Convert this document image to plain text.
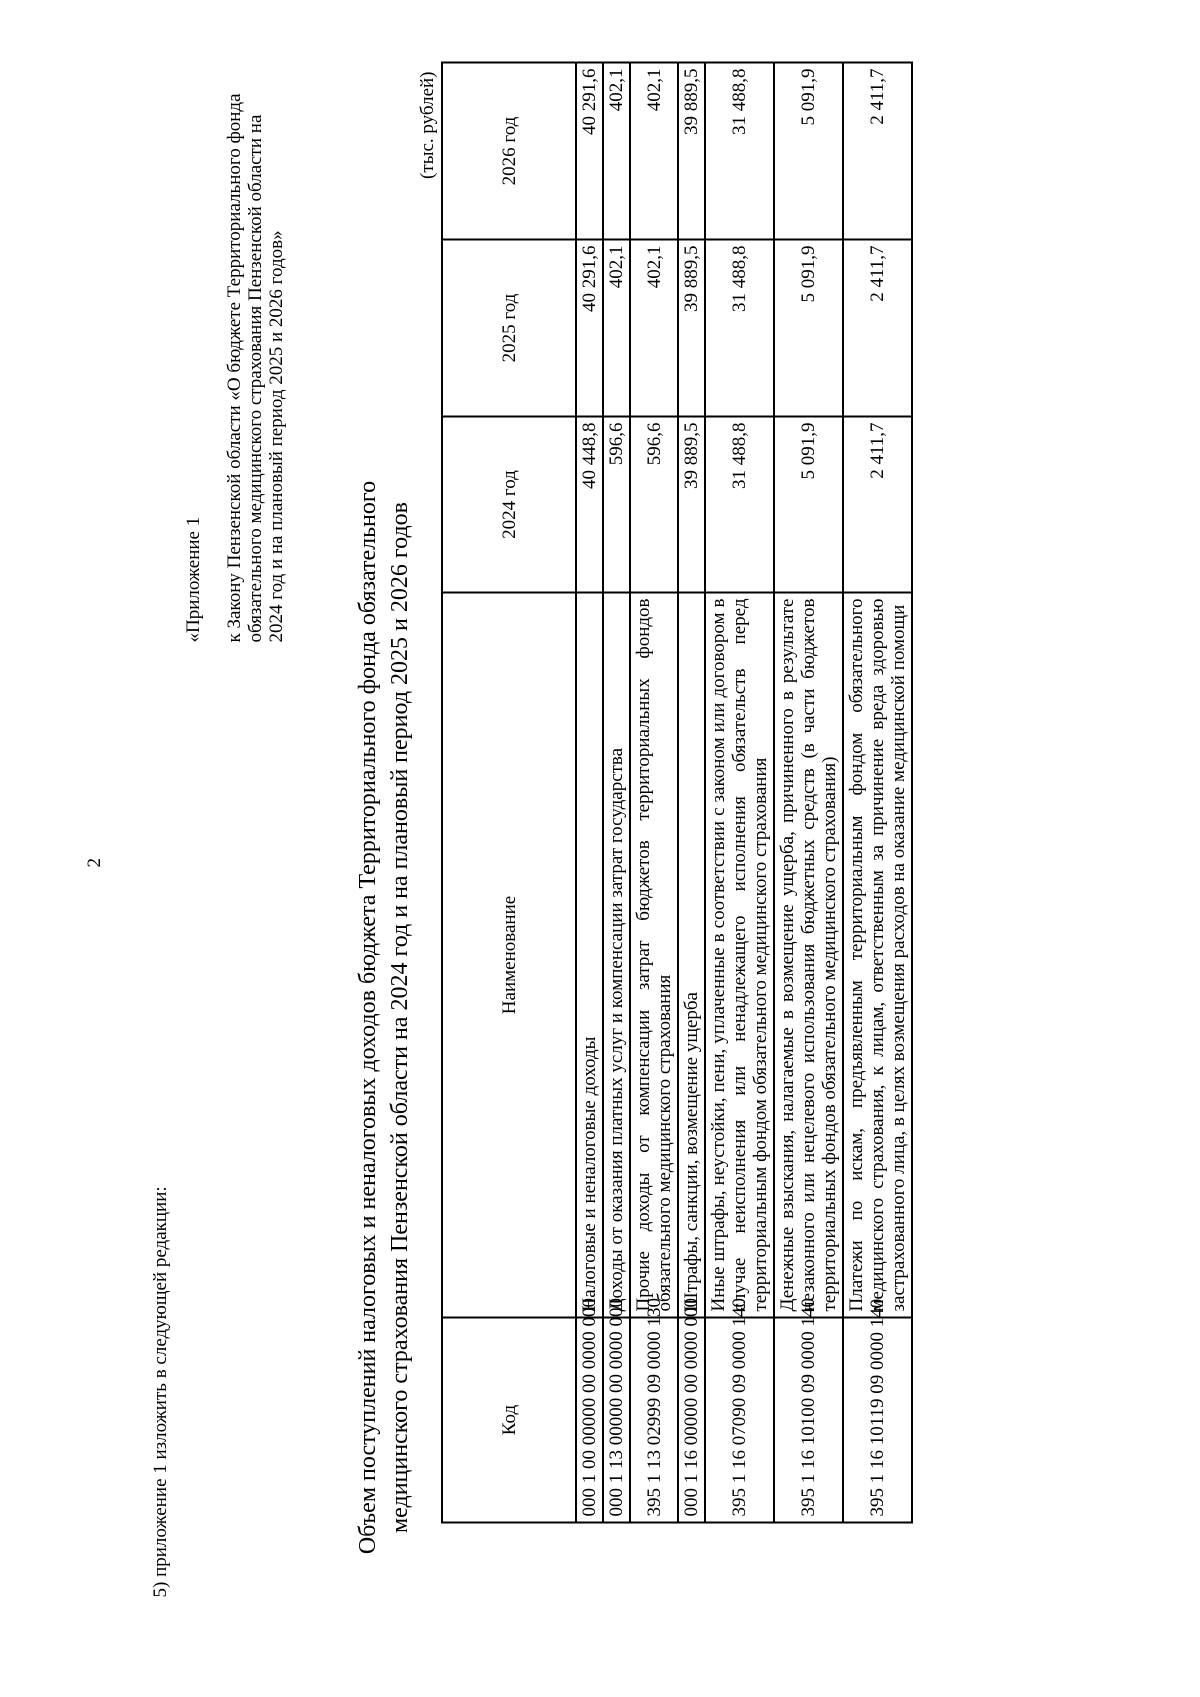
2
5) приложение 1 изложить в следующей редакции:
«Приложение 1 к Закону Пензенской области «О бюджете Территориального фонда обязательного медицинского страхования Пензенской области на 2024 год и на плановый период 2025 и 2026 годов»
Объем поступлений налоговых и неналоговых доходов бюджета Территориального фонда обязательного медицинского страхования Пензенской области на 2024 год и на плановый период 2025 и 2026 годов
(тыс. рублей)
Код	Наименование	2024 год	2025 год	2026 год
000 1 00 00000 00 0000 000	Налоговые и неналоговые доходы	40 448,8	40 291,6	40 291,6
000 1 13 00000 00 0000 000	Доходы от оказания платных услуг и компенсации затрат государства	596,6	402,1	402,1
395 1 13 02999 09 0000 130	Прочие доходы от компенсации затрат бюджетов территориальных фондов обязательного медицинского страхования	596,6	402,1	402,1
000 1 16 00000 00 0000 000	Штрафы, санкции, возмещение ущерба	39 889,5	39 889,5	39 889,5
395 1 16 07090 09 0000 140	Иные штрафы, неустойки, пени, уплаченные в соответствии с законом или договором в случае неисполнения или ненадлежащего исполнения обязательств перед территориальным фондом обязательного медицинского страхования	31 488,8	31 488,8	31 488,8
395 1 16 10100 09 0000 140	Денежные взыскания, налагаемые в возмещение ущерба, причиненного в результате незаконного или нецелевого использования бюджетных средств (в части бюджетов территориальных фондов обязательного медицинского страхования)	5 091,9	5 091,9	5 091,9
395 1 16 10119 09 0000 140	Платежи по искам, предъявленным территориальным фондом обязательного медицинского страхования, к лицам, ответственным за причинение вреда здоровью застрахованного лица, в целях возмещения расходов на оказание медицинской помощи	2 411,7	2 411,7	2 411,7
